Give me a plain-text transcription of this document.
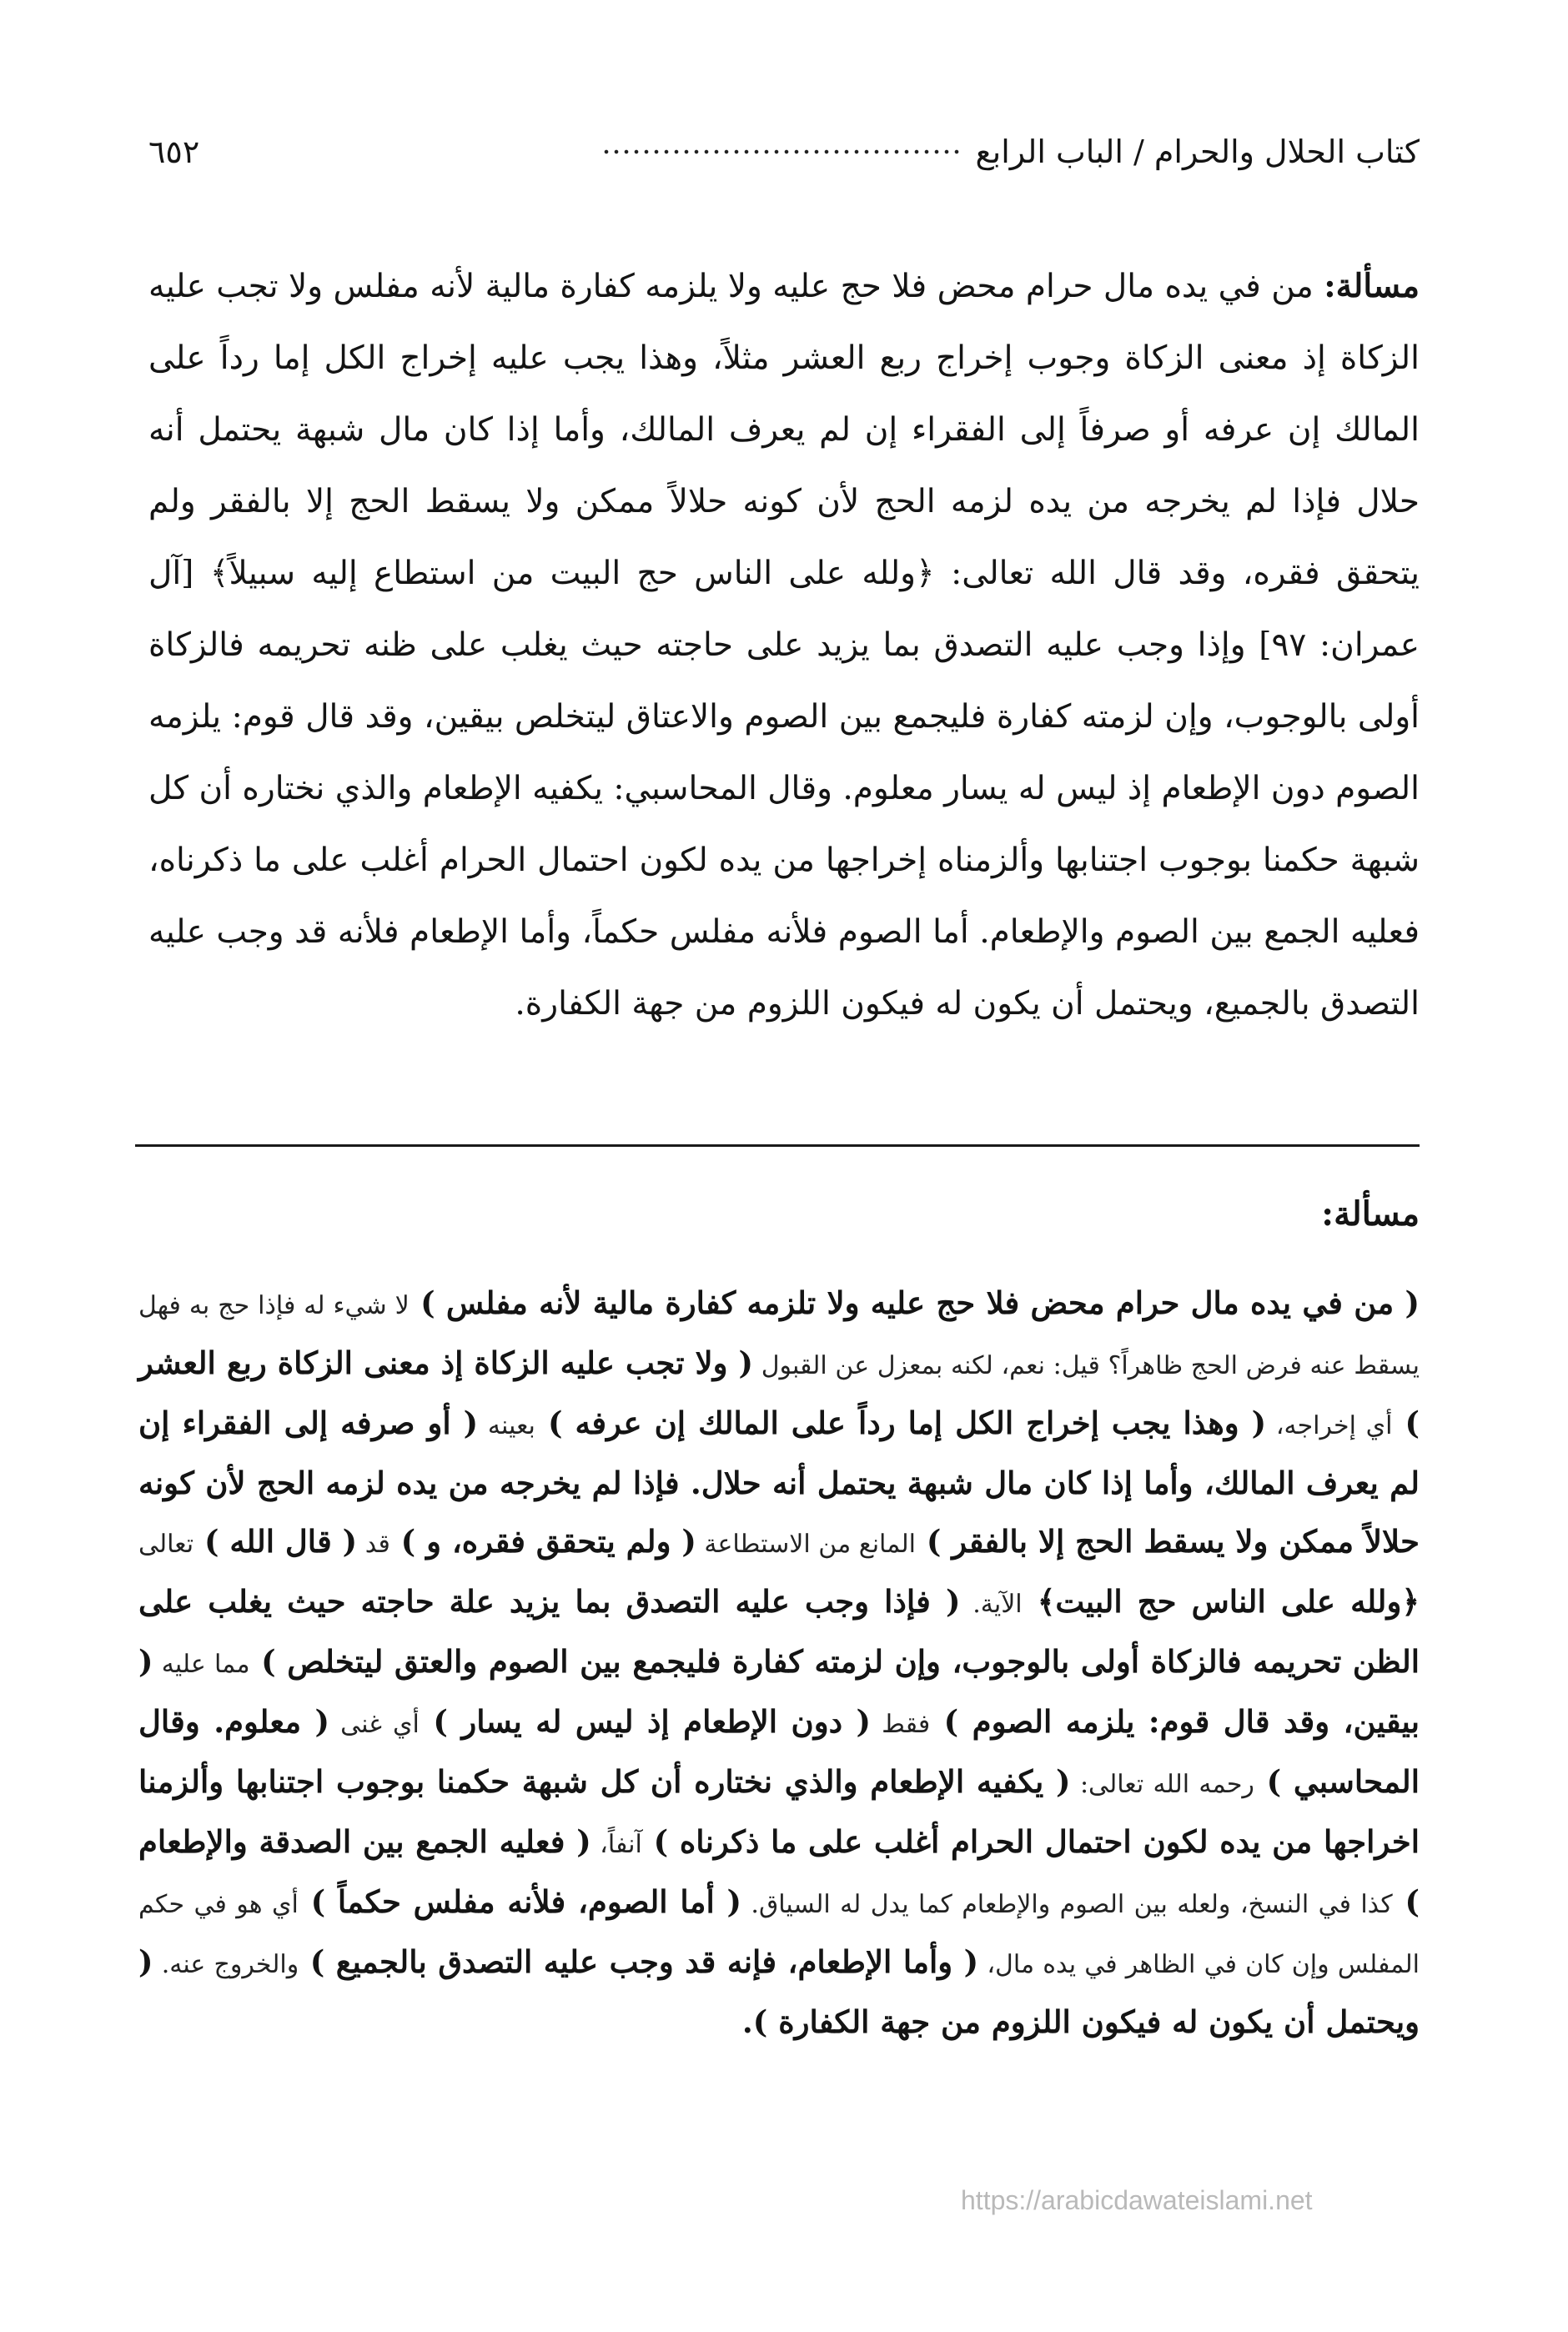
كتاب الحلال والحرام / الباب الرابع
٦٥٢
مسألة: من في يده مال حرام محض فلا حج عليه ولا يلزمه كفارة مالية لأنه مفلس ولا تجب عليه الزكاة إذ معنى الزكاة وجوب إخراج ربع العشر مثلاً، وهذا يجب عليه إخراج الكل إما رداً على المالك إن عرفه أو صرفاً إلى الفقراء إن لم يعرف المالك، وأما إذا كان مال شبهة يحتمل أنه حلال فإذا لم يخرجه من يده لزمه الحج لأن كونه حلالاً ممكن ولا يسقط الحج إلا بالفقر ولم يتحقق فقره، وقد قال الله تعالى: ﴿ولله على الناس حج البيت من استطاع إليه سبيلاً﴾ [آل عمران: ٩٧] وإذا وجب عليه التصدق بما يزيد على حاجته حيث يغلب على ظنه تحريمه فالزكاة أولى بالوجوب، وإن لزمته كفارة فليجمع بين الصوم والاعتاق ليتخلص بيقين، وقد قال قوم: يلزمه الصوم دون الإطعام إذ ليس له يسار معلوم. وقال المحاسبي: يكفيه الإطعام والذي نختاره أن كل شبهة حكمنا بوجوب اجتنابها وألزمناه إخراجها من يده لكون احتمال الحرام أغلب على ما ذكرناه، فعليه الجمع بين الصوم والإطعام. أما الصوم فلأنه مفلس حكماً، وأما الإطعام فلأنه قد وجب عليه التصدق بالجميع، ويحتمل أن يكون له فيكون اللزوم من جهة الكفارة.
مسألة:
( من في يده مال حرام محض فلا حج عليه ولا تلزمه كفارة مالية لأنه مفلس ) لا شيء له فإذا حج به فهل يسقط عنه فرض الحج ظاهراً؟ قيل: نعم، لكنه بمعزل عن القبول ( ولا تجب عليه الزكاة إذ معنى الزكاة ربع العشر ) أي إخراجه، ( وهذا يجب إخراج الكل إما رداً على المالك إن عرفه ) بعينه ( أو صرفه إلى الفقراء إن لم يعرف المالك، وأما إذا كان مال شبهة يحتمل أنه حلال. فإذا لم يخرجه من يده لزمه الحج لأن كونه حلالاً ممكن ولا يسقط الحج إلا بالفقر ) المانع من الاستطاعة ( ولم يتحقق فقره، و ) قد ( قال الله ) تعالى ﴿ولله على الناس حج البيت﴾ الآية. ( فإذا وجب عليه التصدق بما يزيد علة حاجته حيث يغلب على الظن تحريمه فالزكاة أولى بالوجوب، وإن لزمته كفارة فليجمع بين الصوم والعتق ليتخلص ) مما عليه ( بيقين، وقد قال قوم: يلزمه الصوم ) فقط ( دون الإطعام إذ ليس له يسار ) أي غنى ( معلوم. وقال المحاسبي ) رحمه الله تعالى: ( يكفيه الإطعام والذي نختاره أن كل شبهة حكمنا بوجوب اجتنابها وألزمنا اخراجها من يده لكون احتمال الحرام أغلب على ما ذكرناه ) آنفاً، ( فعليه الجمع بين الصدقة والإطعام ) كذا في النسخ، ولعله بين الصوم والإطعام كما يدل له السياق. ( أما الصوم، فلأنه مفلس حكماً ) أي هو في حكم المفلس وإن كان في الظاهر في يده مال، ( وأما الإطعام، فإنه قد وجب عليه التصدق بالجميع ) والخروج عنه. ( ويحتمل أن يكون له فيكون اللزوم من جهة الكفارة ).
https://arabicdawateislami.net
